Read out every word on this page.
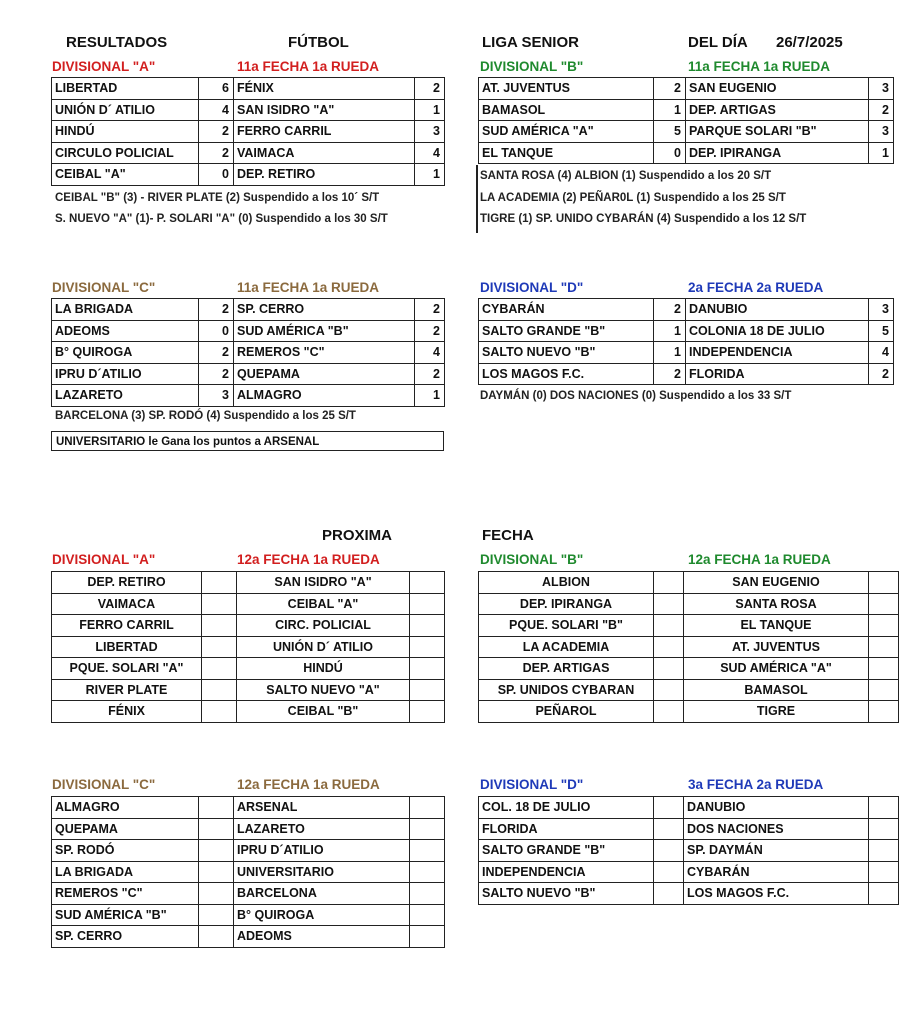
RESULTADOS	FÚTBOL	LIGA SENIOR	DEL DÍA 26/7/2025
DIVISIONAL "A"	11a FECHA 1a RUEDA
LIBERTAD	6	FÉNIX	2
UNIÓN D´ ATILIO	4	SAN ISIDRO "A"	1
HINDÚ	2	FERRO CARRIL	3
CIRCULO POLICIAL	2	VAIMACA	4
CEIBAL "A"	0	DEP. RETIRO	1
CEIBAL "B" (3) - RIVER PLATE (2) Suspendido a los 10´ S/T
S. NUEVO "A" (1)- P. SOLARI "A" (0) Suspendido a los 30 S/T
DIVISIONAL "B"	11a FECHA 1a RUEDA
AT. JUVENTUS	2	SAN EUGENIO	3
BAMASOL	1	DEP. ARTIGAS	2
SUD AMÉRICA "A"	5	PARQUE SOLARI "B"	3
EL TANQUE	0	DEP. IPIRANGA	1
SANTA ROSA (4) ALBION (1) Suspendido a los 20 S/T
LA ACADEMIA (2) PEÑAR0L (1) Suspendido a los 25 S/T
TIGRE (1) SP. UNIDO CYBARÁN (4) Suspendido a los 12 S/T
DIVISIONAL "C"	11a FECHA 1a RUEDA
LA BRIGADA	2	SP. CERRO	2
ADEOMS	0	SUD AMÉRICA "B"	2
B° QUIROGA	2	REMEROS "C"	4
IPRU D´ATILIO	2	QUEPAMA	2
LAZARETO	3	ALMAGRO	1
BARCELONA (3) SP. RODÓ (4) Suspendido a los 25 S/T
UNIVERSITARIO le Gana los puntos a ARSENAL
DIVISIONAL "D"	2a FECHA 2a RUEDA
CYBARÁN	2	DANUBIO	3
SALTO GRANDE "B"	1	COLONIA 18 DE JULIO	5
SALTO NUEVO "B"	1	INDEPENDENCIA	4
LOS MAGOS F.C.	2	FLORIDA	2
DAYMÁN (0) DOS NACIONES (0) Suspendido a los 33 S/T
PROXIMA	FECHA
DIVISIONAL "A"	12a FECHA 1a RUEDA
DEP. RETIRO		SAN ISIDRO "A"	
VAIMACA		CEIBAL "A"	
FERRO CARRIL		CIRC. POLICIAL	
LIBERTAD		UNIÓN D´ ATILIO	
PQUE. SOLARI "A"		HINDÚ	
RIVER PLATE		SALTO NUEVO "A"	
FÉNIX		CEIBAL "B"	
DIVISIONAL "B"	12a FECHA 1a RUEDA
ALBION		SAN EUGENIO	
DEP. IPIRANGA		SANTA ROSA	
PQUE. SOLARI "B"		EL TANQUE	
LA ACADEMIA		AT. JUVENTUS	
DEP. ARTIGAS		SUD AMÉRICA "A"	
SP. UNIDOS CYBARAN		BAMASOL	
PEÑAROL		TIGRE	
DIVISIONAL "C"	12a FECHA 1a RUEDA
ALMAGRO		ARSENAL	
QUEPAMA		LAZARETO	
SP. RODÓ		IPRU D´ATILIO	
LA BRIGADA		UNIVERSITARIO	
REMEROS "C"		BARCELONA	
SUD AMÉRICA "B"		B° QUIROGA	
SP. CERRO		ADEOMS	
DIVISIONAL "D"	3a FECHA 2a RUEDA
COL. 18 DE JULIO		DANUBIO	
FLORIDA		DOS NACIONES	
SALTO GRANDE "B"		SP. DAYMÁN	
INDEPENDENCIA		CYBARÁN	
SALTO NUEVO "B"		LOS MAGOS F.C.	
